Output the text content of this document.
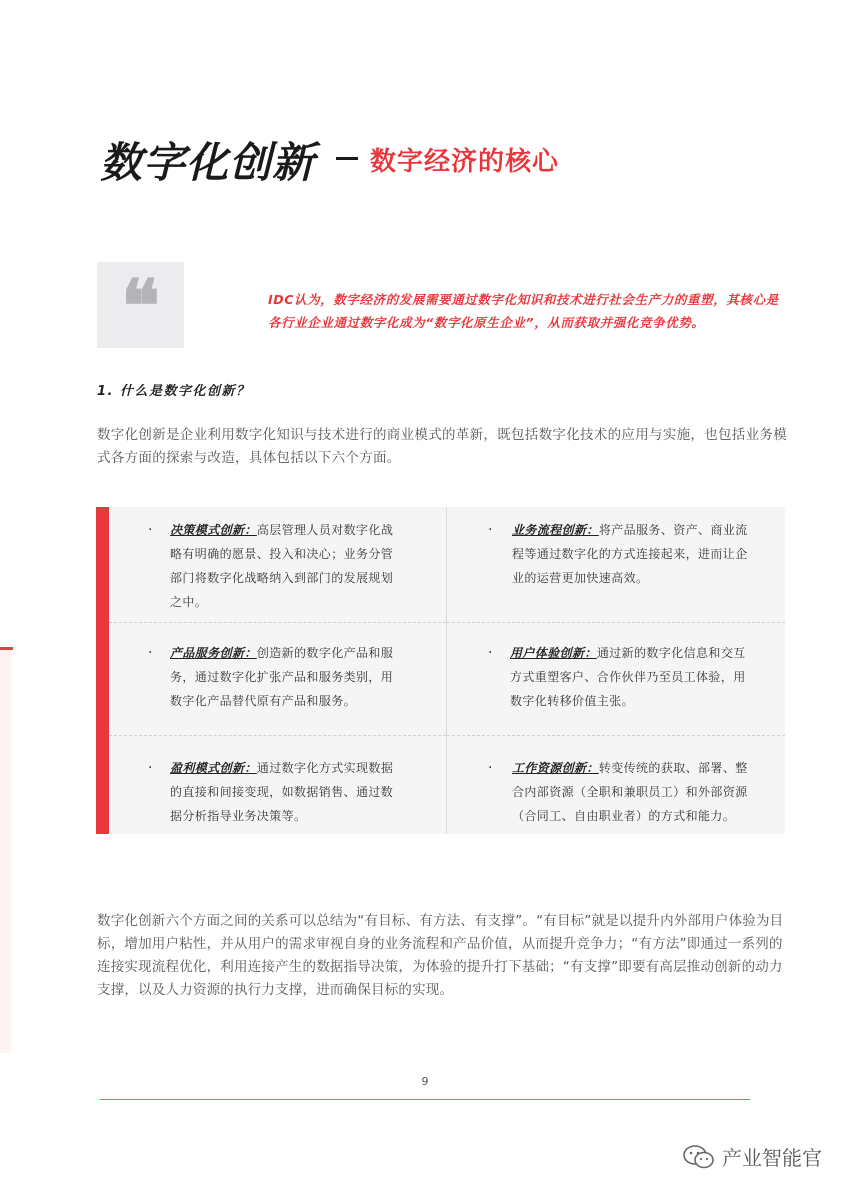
数字化创新 数字经济的核心
❝	IDC认为，数字经济的发展需要通过数字化知识和技术进行社会生产力的重塑，其核心是各行业企业通过数字化成为“数字化原生企业”，从而获取并强化竞争优势。
1. 什么是数字化创新？
数字化创新是企业利用数字化知识与技术进行的商业模式的革新，既包括数字化技术的应用与实施，也包括业务模式各方面的探索与改造，具体包括以下六个方面。
· 决策模式创新：高层管理人员对数字化战略有明确的愿景、投入和决心；业务分管部门将数字化战略纳入到部门的发展规划之中。
· 业务流程创新：将产品服务、资产、商业流程等通过数字化的方式连接起来，进而让企业的运营更加快速高效。
· 产品服务创新：创造新的数字化产品和服务，通过数字化扩张产品和服务类别，用数字化产品替代原有产品和服务。
· 用户体验创新：通过新的数字化信息和交互方式重塑客户、合作伙伴乃至员工体验，用数字化转移价值主张。
· 盈利模式创新：通过数字化方式实现数据的直接和间接变现，如数据销售、通过数据分析指导业务决策等。
· 工作资源创新：转变传统的获取、部署、整合内部资源（全职和兼职员工）和外部资源（合同工、自由职业者）的方式和能力。
数字化创新六个方面之间的关系可以总结为“有目标、有方法、有支撑”。“有目标”就是以提升内外部用户体验为目标，增加用户粘性，并从用户的需求审视自身的业务流程和产品价值，从而提升竞争力；“有方法”即通过一系列的连接实现流程优化，利用连接产生的数据指导决策，为体验的提升打下基础；“有支撑”即要有高层推动创新的动力支撑，以及人力资源的执行力支撑，进而确保目标的实现。
9
产业智能官
